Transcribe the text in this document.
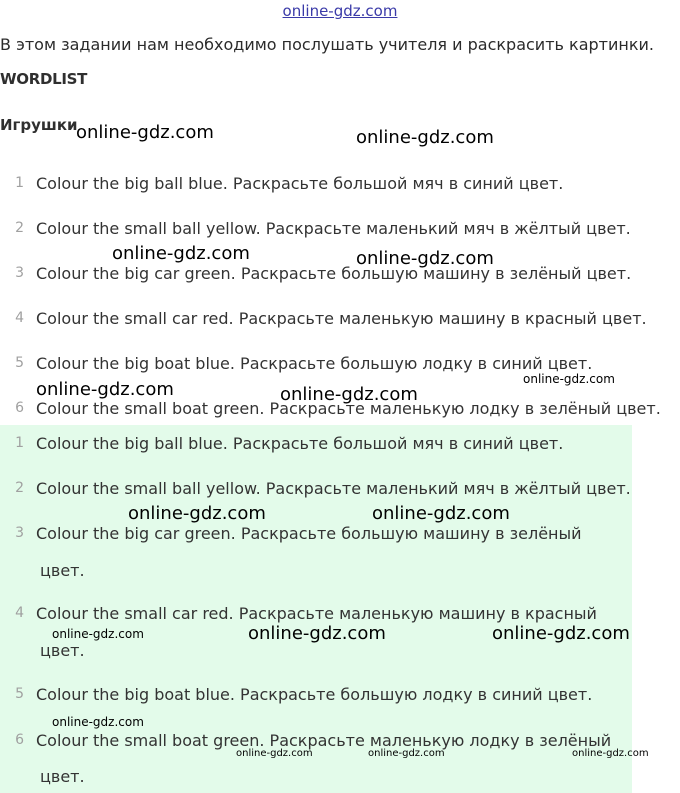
online-gdz.com
В этом задании нам необходимо послушать учителя и раскрасить картинки.
WORDLIST
Игрушки
1 Colour the big ball blue. Раскрасьте большой мяч в синий цвет.
2 Colour the small ball yellow. Раскрасьте маленький мяч в жёлтый цвет.
3 Colour the big car green. Раскрасьте большую машину в зелёный цвет.
4 Colour the small car red. Раскрасьте маленькую машину в красный цвет.
5 Colour the big boat blue. Раскрасьте большую лодку в синий цвет.
6 Colour the small boat green. Раскрасьте маленькую лодку в зелёный цвет.
1 Colour the big ball blue. Раскрасьте большой мяч в синий цвет.
2 Colour the small ball yellow. Раскрасьте маленький мяч в жёлтый цвет.
3 Colour the big car green. Раскрасьте большую машину в зелёный
цвет.
4 Colour the small car red. Раскрасьте маленькую машину в красный
цвет.
5 Colour the big boat blue. Раскрасьте большую лодку в синий цвет.
6 Colour the small boat green. Раскрасьте маленькую лодку в зелёный
цвет.
online-gdz.com	online-gdz.com
online-gdz.com	online-gdz.com
online-gdz.com	online-gdz.com
online-gdz.com
online-gdz.com	online-gdz.com
online-gdz.com	online-gdz.com	online-gdz.com
online-gdz.com
online-gdz.com	online-gdz.com	online-gdz.com
